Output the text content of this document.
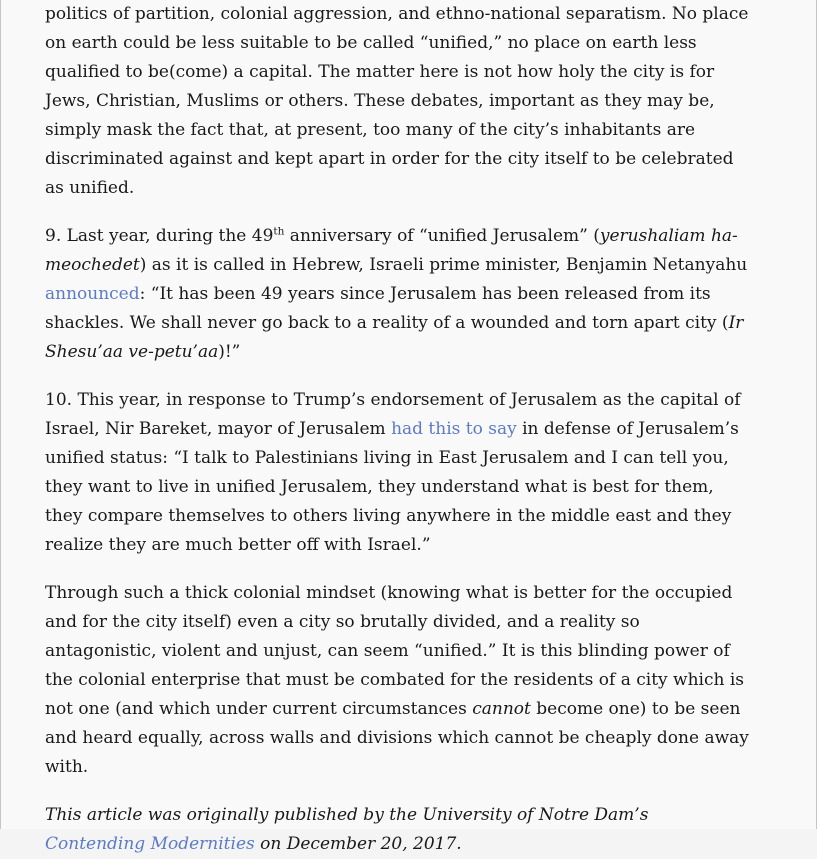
politics of partition, colonial aggression, and ethno-national separatism. No place on earth could be less suitable to be called “unified,” no place on earth less qualified to be(come) a capital. The matter here is not how holy the city is for Jews, Christian, Muslims or others. These debates, important as they may be, simply mask the fact that, at present, too many of the city’s inhabitants are discriminated against and kept apart in order for the city itself to be celebrated as unified.

9. Last year, during the 49th anniversary of “unified Jerusalem” (yerushaliam ha-meochedet) as it is called in Hebrew, Israeli prime minister, Benjamin Netanyahu announced: “It has been 49 years since Jerusalem has been released from its shackles. We shall never go back to a reality of a wounded and torn apart city (Ir Shesu’aa ve-petu’aa)!”

10. This year, in response to Trump’s endorsement of Jerusalem as the capital of Israel, Nir Bareket, mayor of Jerusalem had this to say in defense of Jerusalem’s unified status: “I talk to Palestinians living in East Jerusalem and I can tell you, they want to live in unified Jerusalem, they understand what is best for them, they compare themselves to others living anywhere in the middle east and they realize they are much better off with Israel.”

Through such a thick colonial mindset (knowing what is better for the occupied and for the city itself) even a city so brutally divided, and a reality so antagonistic, violent and unjust, can seem “unified.” It is this blinding power of the colonial enterprise that must be combated for the residents of a city which is not one (and which under current circumstances cannot become one) to be seen and heard equally, across walls and divisions which cannot be cheaply done away with.

This article was originally published by the University of Notre Dam’s Contending Modernities on December 20, 2017.
